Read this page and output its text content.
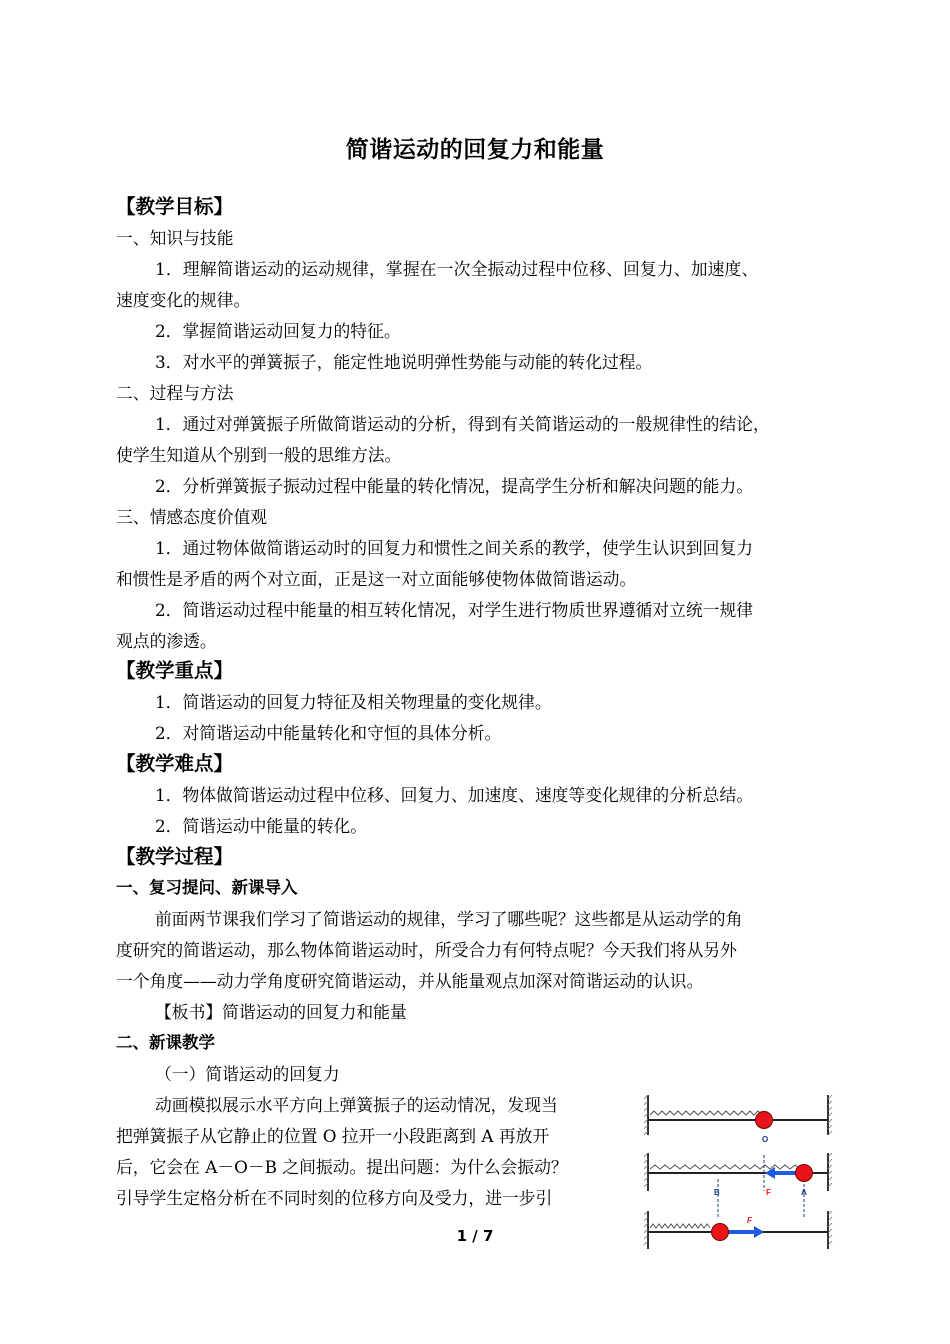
简谐运动的回复力和能量
【教学目标】
一、知识与技能
1．理解简谐运动的运动规律，掌握在一次全振动过程中位移、回复力、加速度、
速度变化的规律。
2．掌握简谐运动回复力的特征。
3．对水平的弹簧振子，能定性地说明弹性势能与动能的转化过程。
二、过程与方法
1．通过对弹簧振子所做简谐运动的分析，得到有关简谐运动的一般规律性的结论，
使学生知道从个别到一般的思维方法。
2．分析弹簧振子振动过程中能量的转化情况，提高学生分析和解决问题的能力。
三、情感态度价值观
1．通过物体做简谐运动时的回复力和惯性之间关系的教学，使学生认识到回复力
和惯性是矛盾的两个对立面，正是这一对立面能够使物体做简谐运动。
2．简谐运动过程中能量的相互转化情况，对学生进行物质世界遵循对立统一规律
观点的渗透。
【教学重点】
1．简谐运动的回复力特征及相关物理量的变化规律。
2．对简谐运动中能量转化和守恒的具体分析。
【教学难点】
1．物体做简谐运动过程中位移、回复力、加速度、速度等变化规律的分析总结。
2．简谐运动中能量的转化。
【教学过程】
一、复习提问、新课导入
前面两节课我们学习了简谐运动的规律，学习了哪些呢？这些都是从运动学的角
度研究的简谐运动，那么物体简谐运动时，所受合力有何特点呢？今天我们将从另外
一个角度——动力学角度研究简谐运动，并从能量观点加深对简谐运动的认识。
【板书】简谐运动的回复力和能量
二、新课教学
（一）简谐运动的回复力
动画模拟展示水平方向上弹簧振子的运动情况，发现当
把弹簧振子从它静止的位置 O 拉开一小段距离到 A 再放开
后，它会在 A－O－B 之间振动。提出问题：为什么会振动？
引导学生定格分析在不同时刻的位移方向及受力，进一步引
O
B	F	A
F
1 / 7
